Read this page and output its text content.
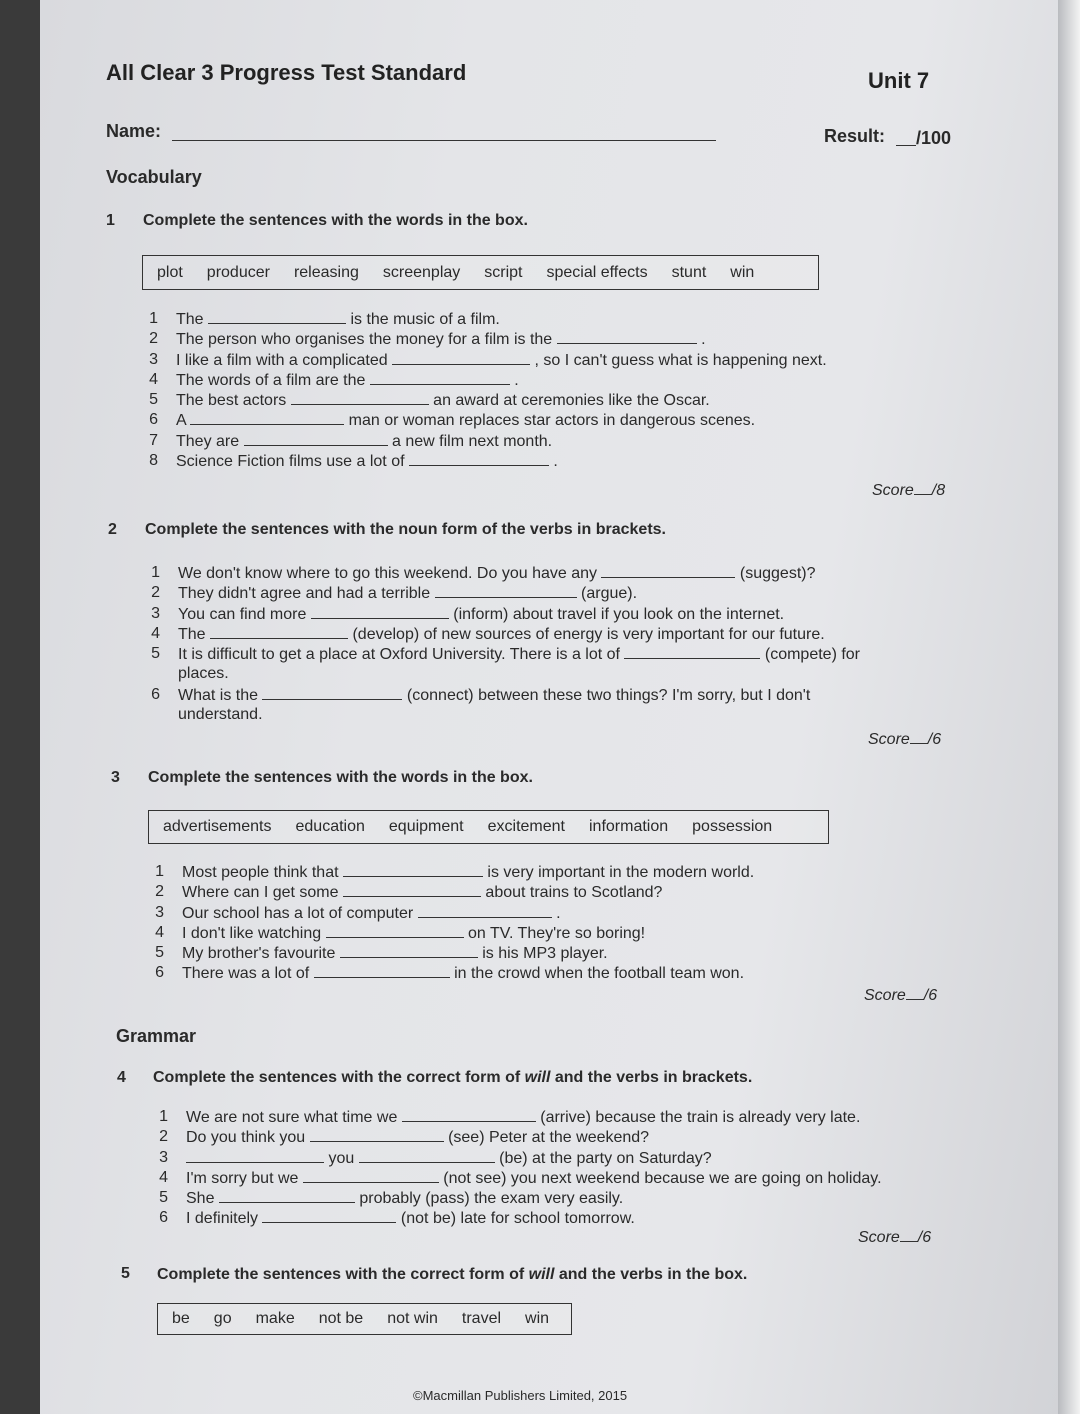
All Clear 3 Progress Test Standard	Unit 7
Name:	Result: /100
Vocabulary
1 Complete the sentences with the words in the box.
plot producer releasing screenplay script special effects stunt win
1 The	is the music of a film.
2 The person who organises the money for a film is the	.
3 I like a film with a complicated	, so I can't guess what is happening next.
4 The words of a film are the	.
5 The best actors	an award at ceremonies like the Oscar.
6 A	man or woman replaces star actors in dangerous scenes.
7 They are	a new film next month.
8 Science Fiction films use a lot of	.
Score /8
2 Complete the sentences with the noun form of the verbs in brackets.
1 We don't know where to go this weekend. Do you have any	(suggest)?
2 They didn't agree and had a terrible	(argue).
3 You can find more	(inform) about travel if you look on the internet.
4 The	(develop) of new sources of energy is very important for our future.
5 It is difficult to get a place at Oxford University. There is a lot of	(compete) for
places.
6 What is the	(connect) between these two things? I'm sorry, but I don't
understand.
Score /6
3 Complete the sentences with the words in the box.
advertisements education equipment excitement information possession
1 Most people think that	is very important in the modern world.
2 Where can I get some	about trains to Scotland?
3 Our school has a lot of computer	.
4 I don't like watching	on TV. They're so boring!
5 My brother's favourite	is his MP3 player.
6 There was a lot of	in the crowd when the football team won.
Score /6
Grammar
4 Complete the sentences with the correct form of will and the verbs in brackets.
1 We are not sure what time we	(arrive) because the train is already very late.
2 Do you think you	(see) Peter at the weekend?
3	you	(be) at the party on Saturday?
4 I'm sorry but we	(not see) you next weekend because we are going on holiday.
5 She	probably (pass) the exam very easily.
6 I definitely	(not be) late for school tomorrow.
Score /6
5 Complete the sentences with the correct form of will and the verbs in the box.
be go make not be not win travel win
©Macmillan Publishers Limited, 2015
